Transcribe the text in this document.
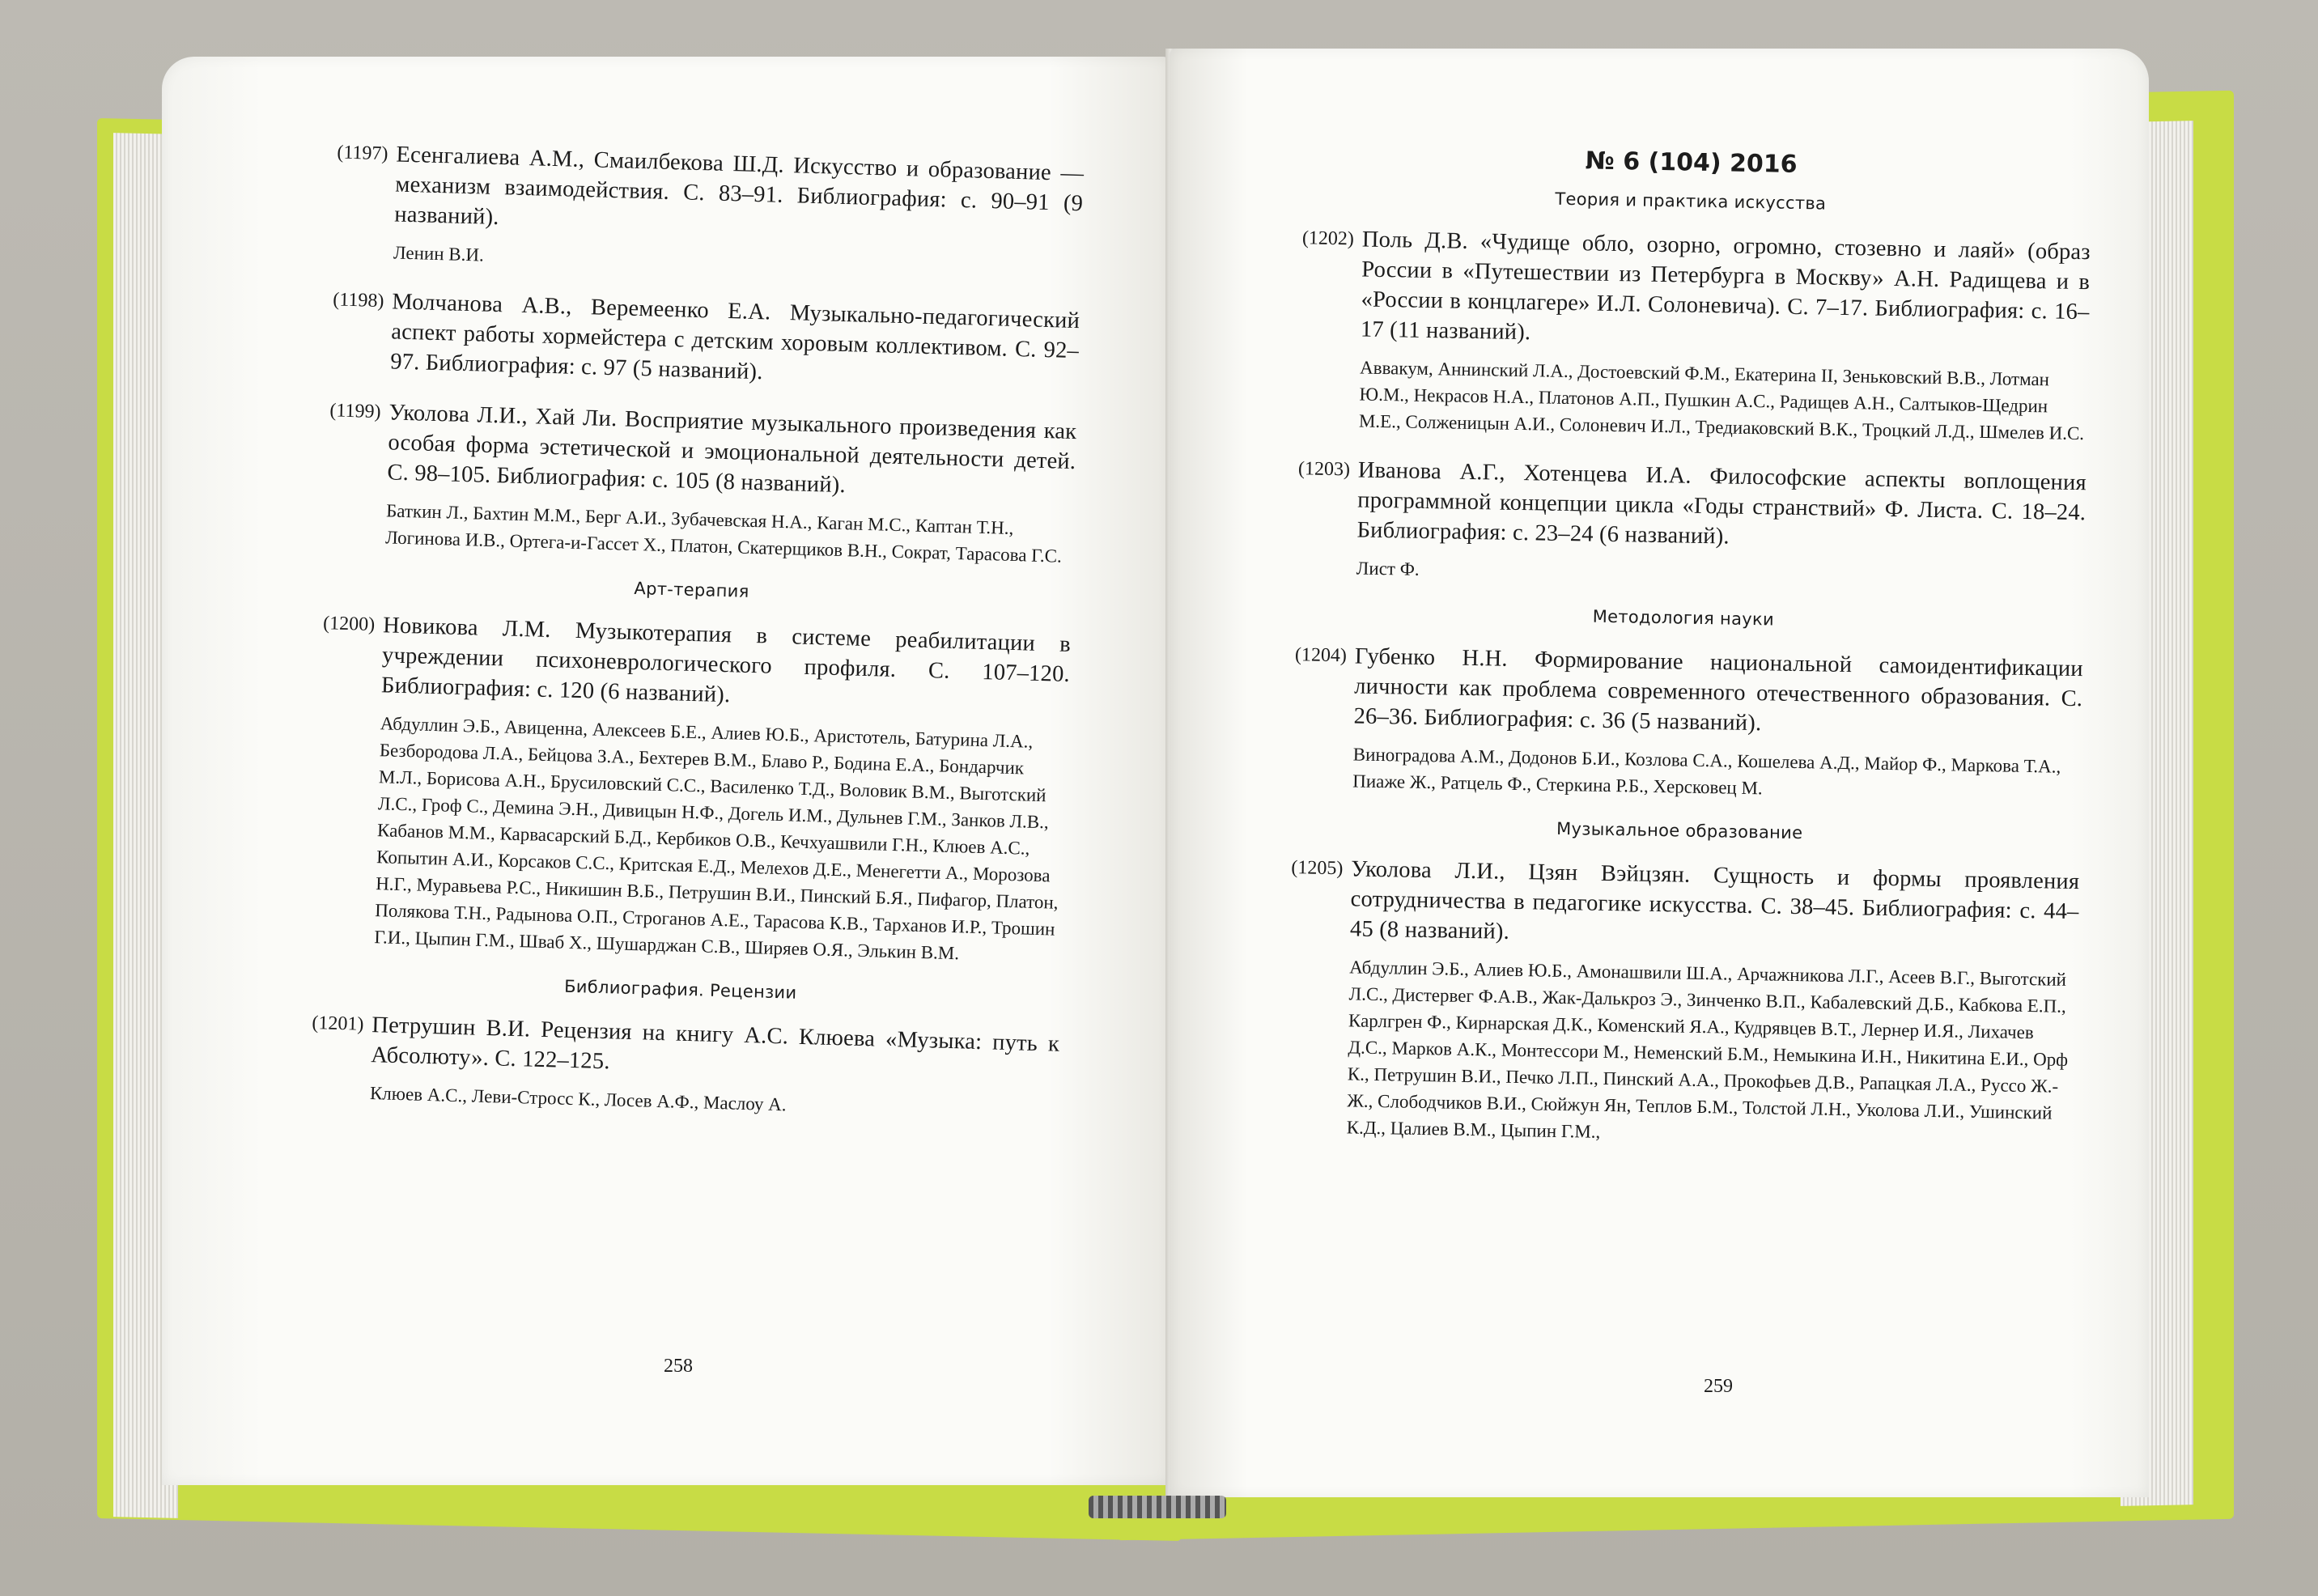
(1197) Есенгалиева А.М., Смаилбекова Ш.Д. Искусство и образование — механизм взаимодействия. С. 83–91. Библиография: с. 90–91 (9 названий).
Ленин В.И.
(1198) Молчанова А.В., Веремеенко Е.А. Музыкально-педагогический аспект работы хормейстера с детским хоровым коллективом. С. 92–97. Библиография: с. 97 (5 названий).
(1199) Уколова Л.И., Хай Ли. Восприятие музыкального произведения как особая форма эстетической и эмоциональной деятельности детей. С. 98–105. Библиография: с. 105 (8 названий).
Баткин Л., Бахтин М.М., Берг А.И., Зубачевская Н.А., Каган М.С., Каптан Т.Н., Логинова И.В., Ортега-и-Гассет Х., Платон, Скатерщиков В.Н., Сократ, Тарасова Г.С.
Арт-терапия
(1200) Новикова Л.М. Музыкотерапия в системе реабилитации в учреждении психоневрологического профиля. С. 107–120. Библиография: с. 120 (6 названий).
Абдуллин Э.Б., Авиценна, Алексеев Б.Е., Алиев Ю.Б., Аристотель, Батурина Л.А., Безбородова Л.А., Бейцова З.А., Бехтерев В.М., Блаво Р., Бодина Е.А., Бондарчик М.Л., Борисова А.Н., Брусиловский С.С., Василенко Т.Д., Воловик В.М., Выготский Л.С., Гроф С., Демина Э.Н., Дивицын Н.Ф., Догель И.М., Дульнев Г.М., Занков Л.В., Кабанов М.М., Карвасарский Б.Д., Кербиков О.В., Кечхуашвили Г.Н., Клюев А.С., Копытин А.И., Корсаков С.С., Критская Е.Д., Мелехов Д.Е., Менегетти А., Морозова Н.Г., Муравьева Р.С., Никишин В.Б., Петрушин В.И., Пинский Б.Я., Пифагор, Платон, Полякова Т.Н., Радынова О.П., Строганов А.Е., Тарасова К.В., Тарханов И.Р., Трошин Г.И., Цыпин Г.М., Шваб Х., Шушарджан С.В., Ширяев О.Я., Элькин В.М.
Библиография. Рецензии
(1201) Петрушин В.И. Рецензия на книгу А.С. Клюева «Музыка: путь к Абсолюту». С. 122–125.
Клюев А.С., Леви-Стросс К., Лосев А.Ф., Маслоу А.
258
№ 6 (104) 2016
Теория и практика искусства
(1202) Поль Д.В. «Чудище обло, озорно, огромно, стозевно и лаяй» (образ России в «Путешествии из Петербурга в Москву» А.Н. Радищева и в «России в концлагере» И.Л. Солоневича). С. 7–17. Библиография: с. 16–17 (11 названий).
Аввакум, Аннинский Л.А., Достоевский Ф.М., Екатерина II, Зеньковский В.В., Лотман Ю.М., Некрасов Н.А., Платонов А.П., Пушкин А.С., Радищев А.Н., Салтыков-Щедрин М.Е., Солженицын А.И., Солоневич И.Л., Тредиаковский В.К., Троцкий Л.Д., Шмелев И.С.
(1203) Иванова А.Г., Хотенцева И.А. Философские аспекты воплощения программной концепции цикла «Годы странствий» Ф. Листа. С. 18–24. Библиография: с. 23–24 (6 названий).
Лист Ф.
Методология науки
(1204) Губенко Н.Н. Формирование национальной самоидентификации личности как проблема современного отечественного образования. С. 26–36. Библиография: с. 36 (5 названий).
Виноградова А.М., Додонов Б.И., Козлова С.А., Кошелева А.Д., Майор Ф., Маркова Т.А., Пиаже Ж., Ратцель Ф., Стеркина Р.Б., Херсковец М.
Музыкальное образование
(1205) Уколова Л.И., Цзян Вэйцзян. Сущность и формы проявления сотрудничества в педагогике искусства. С. 38–45. Библиография: с. 44–45 (8 названий).
Абдуллин Э.Б., Алиев Ю.Б., Амонашвили Ш.А., Арчажникова Л.Г., Асеев В.Г., Выготский Л.С., Дистервег Ф.А.В., Жак-Далькроз Э., Зинченко В.П., Кабалевский Д.Б., Кабкова Е.П., Карлгрен Ф., Кирнарская Д.К., Коменский Я.А., Кудрявцев В.Т., Лернер И.Я., Лихачев Д.С., Марков А.К., Монтессори М., Неменский Б.М., Немыкина И.Н., Никитина Е.И., Орф К., Петрушин В.И., Печко Л.П., Пинский А.А., Прокофьев Д.В., Рапацкая Л.А., Руссо Ж.-Ж., Слободчиков В.И., Сюйжун Ян, Теплов Б.М., Толстой Л.Н., Уколова Л.И., Ушинский К.Д., Цалиев В.М., Цыпин Г.М.,
259
